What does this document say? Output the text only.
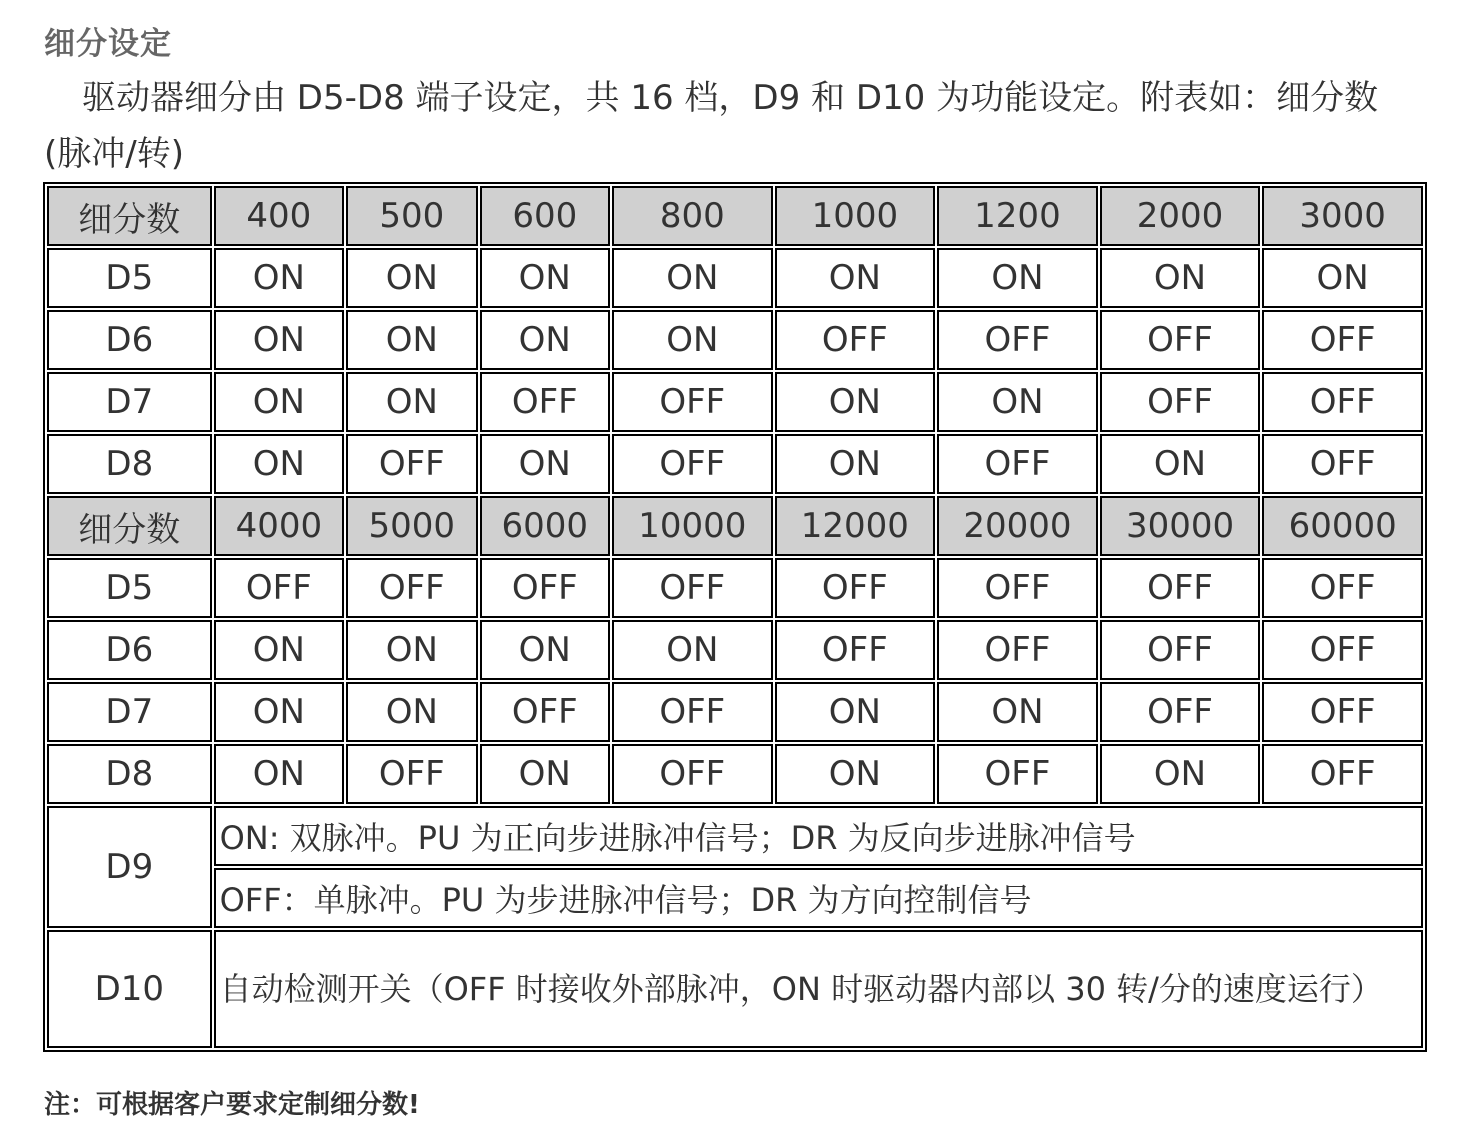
细分设定
驱动器细分由 D5-D8 端子设定，共 16 档，D9 和 D10 为功能设定。附表如：细分数
(脉冲/转)
细分数	400	500	600	800	1000	1200	2000	3000
D5	ON	ON	ON	ON	ON	ON	ON	ON
D6	ON	ON	ON	ON	OFF	OFF	OFF	OFF
D7	ON	ON	OFF	OFF	ON	ON	OFF	OFF
D8	ON	OFF	ON	OFF	ON	OFF	ON	OFF
细分数	4000	5000	6000	10000	12000	20000	30000	60000
D5	OFF	OFF	OFF	OFF	OFF	OFF	OFF	OFF
D6	ON	ON	ON	ON	OFF	OFF	OFF	OFF
D7	ON	ON	OFF	OFF	ON	ON	OFF	OFF
D8	ON	OFF	ON	OFF	ON	OFF	ON	OFF
D9	ON: 双脉冲。PU 为正向步进脉冲信号；DR 为反向步进脉冲信号							
	OFF：单脉冲。PU 为步进脉冲信号；DR 为方向控制信号							
D10	自动检测开关（OFF 时接收外部脉冲，ON 时驱动器内部以 30 转/分的速度运行）							
注：可根据客户要求定制细分数!
